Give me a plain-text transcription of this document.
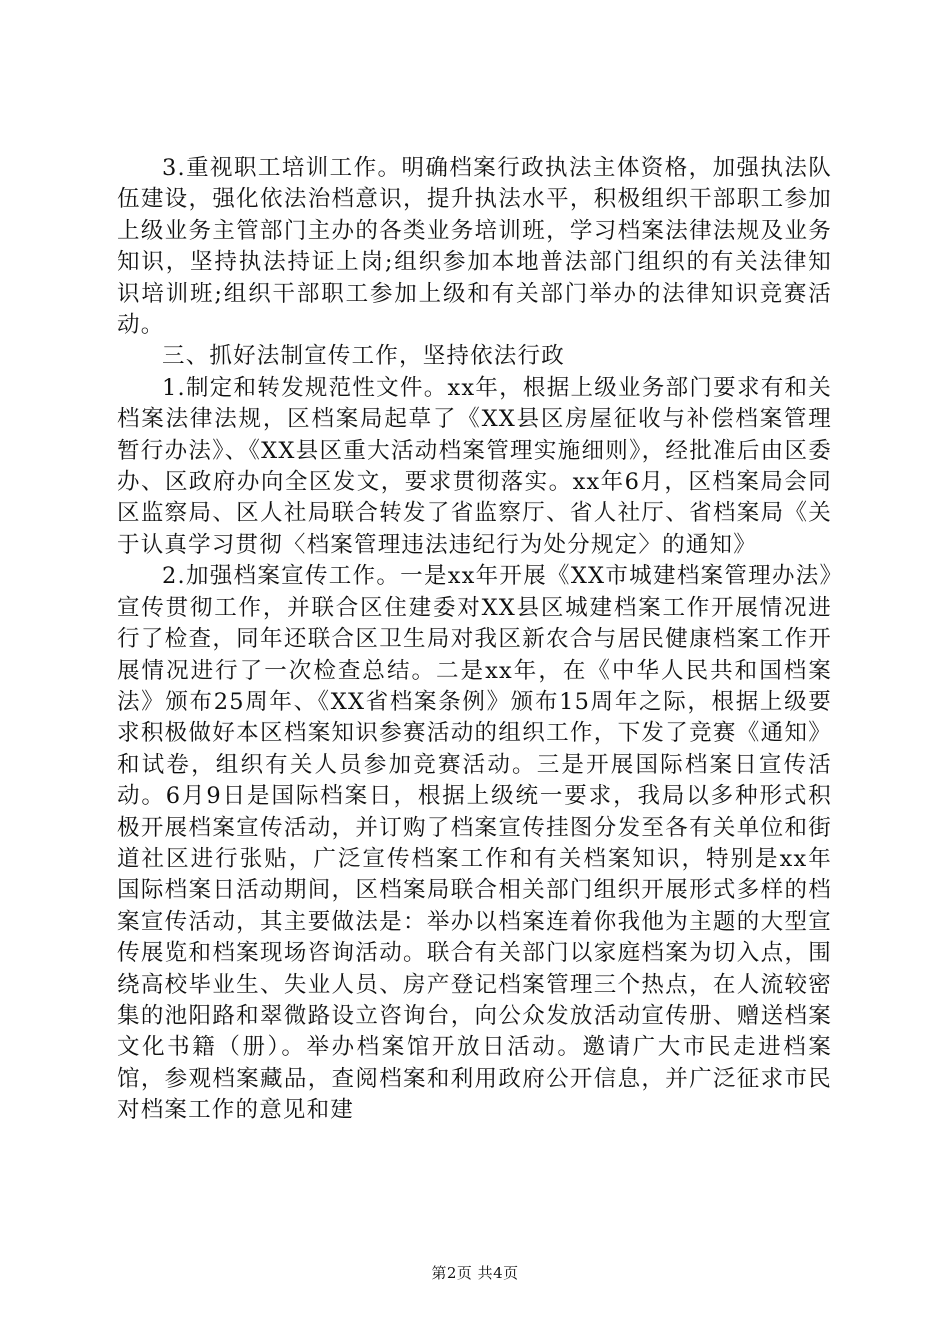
3.重视职工培训工作。明确档案行政执法主体资格，加强执法队伍建设，强化依法治档意识，提升执法水平，积极组织干部职工参加上级业务主管部门主办的各类业务培训班，学习档案法律法规及业务知识，坚持执法持证上岗;组织参加本地普法部门组织的有关法律知识培训班;组织干部职工参加上级和有关部门举办的法律知识竞赛活动。

三、抓好法制宣传工作，坚持依法行政

1.制定和转发规范性文件。xx年，根据上级业务部门要求有和关档案法律法规，区档案局起草了《XX县区房屋征收与补偿档案管理暂行办法》、《XX县区重大活动档案管理实施细则》，经批准后由区委办、区政府办向全区发文，要求贯彻落实。xx年6月，区档案局会同区监察局、区人社局联合转发了省监察厅、省人社厅、省档案局《关于认真学习贯彻〈档案管理违法违纪行为处分规定〉的通知》

2.加强档案宣传工作。一是xx年开展《XX市城建档案管理办法》宣传贯彻工作，并联合区住建委对XX县区城建档案工作开展情况进行了检查，同年还联合区卫生局对我区新农合与居民健康档案工作开展情况进行了一次检查总结。二是xx年，在《中华人民共和国档案法》颁布25周年、《XX省档案条例》颁布15周年之际，根据上级要求积极做好本区档案知识参赛活动的组织工作，下发了竞赛《通知》和试卷，组织有关人员参加竞赛活动。三是开展国际档案日宣传活动。6月9日是国际档案日，根据上级统一要求，我局以多种形式积极开展档案宣传活动，并订购了档案宣传挂图分发至各有关单位和街道社区进行张贴，广泛宣传档案工作和有关档案知识，特别是xx年国际档案日活动期间，区档案局联合相关部门组织开展形式多样的档案宣传活动，其主要做法是：举办以档案连着你我他为主题的大型宣传展览和档案现场咨询活动。联合有关部门以家庭档案为切入点，围绕高校毕业生、失业人员、房产登记档案管理三个热点，在人流较密集的池阳路和翠微路设立咨询台，向公众发放活动宣传册、赠送档案文化书籍（册）。举办档案馆开放日活动。邀请广大市民走进档案馆，参观档案藏品，查阅档案和利用政府公开信息，并广泛征求市民对档案工作的意见和建

第2页 共4页
